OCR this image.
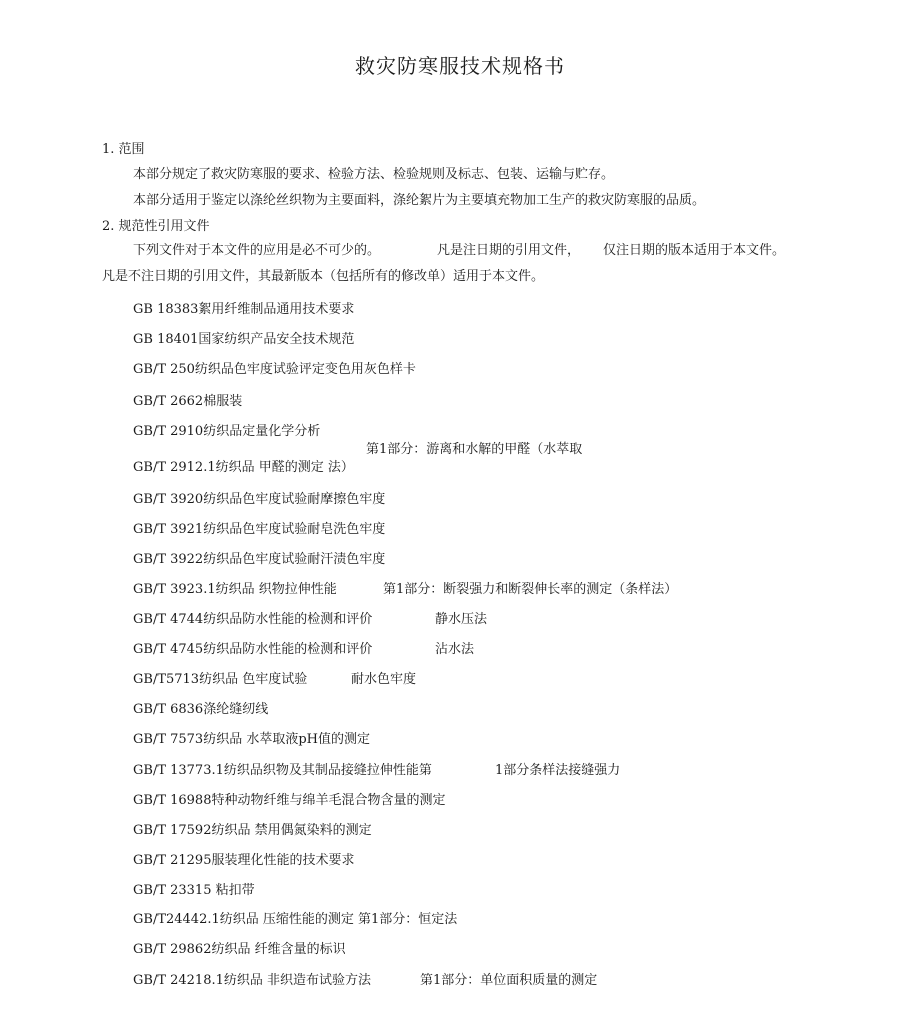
救灾防寒服技术规格书
1. 范围
本部分规定了救灾防寒服的要求、检验方法、检验规则及标志、包装、运输与贮存。
本部分适用于鉴定以涤纶丝织物为主要面料，涤纶絮片为主要填充物加工生产的救灾防寒服的品质。
2. 规范性引用文件
下列文件对于本文件的应用是必不可少的。	凡是注日期的引用文件， 仅注日期的版本适用于本文件。
凡是不注日期的引用文件，其最新版本（包括所有的修改单）适用于本文件。
GB 18383絮用纤维制品通用技术要求
GB 18401国家纺织产品安全技术规范
GB/T 250纺织品色牢度试验评定变色用灰色样卡
GB/T 2662棉服装
GB/T 2910纺织品定量化学分析
第1部分：游离和水解的甲醛（水萃取
GB/T 2912.1纺织品 甲醛的测定 法）
GB/T 3920纺织品色牢度试验耐摩擦色牢度
GB/T 3921纺织品色牢度试验耐皂洗色牢度
GB/T 3922纺织品色牢度试验耐汗渍色牢度
GB/T 3923.1纺织品 织物拉伸性能	第1部分：断裂强力和断裂伸长率的测定（条样法）
GB/T 4744纺织品防水性能的检测和评价	静水压法
GB/T 4745纺织品防水性能的检测和评价	沾水法
GB/T5713纺织品 色牢度试验	耐水色牢度
GB/T 6836涤纶缝纫线
GB/T 7573纺织品 水萃取液pH值的测定
GB/T 13773.1纺织品织物及其制品接缝拉伸性能第	1部分条样法接缝强力
GB/T 16988特种动物纤维与绵羊毛混合物含量的测定
GB/T 17592纺织品 禁用偶氮染料的测定
GB/T 21295服装理化性能的技术要求
GB/T 23315 粘扣带
GB/T24442.1纺织品 压缩性能的测定 第1部分：恒定法
GB/T 29862纺织品 纤维含量的标识
GB/T 24218.1纺织品 非织造布试验方法	第1部分：单位面积质量的测定
